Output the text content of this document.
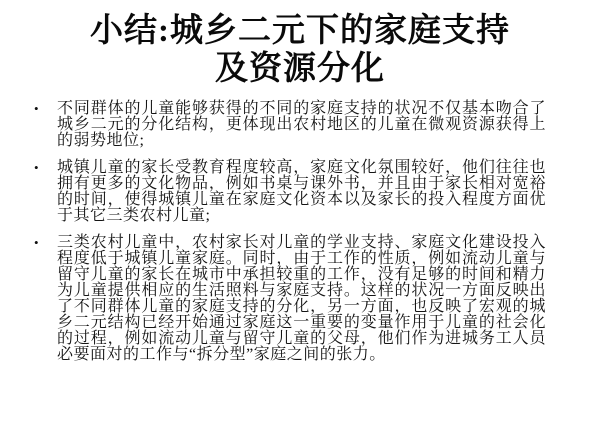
小结:城乡二元下的家庭支持
及资源分化
•	不同群体的儿童能够获得的不同的家庭支持的状况不仅基本吻合了城乡二元的分化结构，更体现出农村地区的儿童在微观资源获得上的弱势地位;
•	城镇儿童的家长受教育程度较高，家庭文化氛围较好，他们往往也拥有更多的文化物品，例如书桌与课外书，并且由于家长相对宽裕的时间，使得城镇儿童在家庭文化资本以及家长的投入程度方面优于其它三类农村儿童;
•	三类农村儿童中，农村家长对儿童的学业支持、家庭文化建设投入程度低于城镇儿童家庭。同时，由于工作的性质，例如流动儿童与留守儿童的家长在城市中承担较重的工作，没有足够的时间和精力为儿童提供相应的生活照料与家庭支持。这样的状况一方面反映出了不同群体儿童的家庭支持的分化，另一方面，也反映了宏观的城乡二元结构已经开始通过家庭这一重要的变量作用于儿童的社会化的过程，例如流动儿童与留守儿童的父母，他们作为进城务工人员必要面对的工作与“拆分型”家庭之间的张力。
